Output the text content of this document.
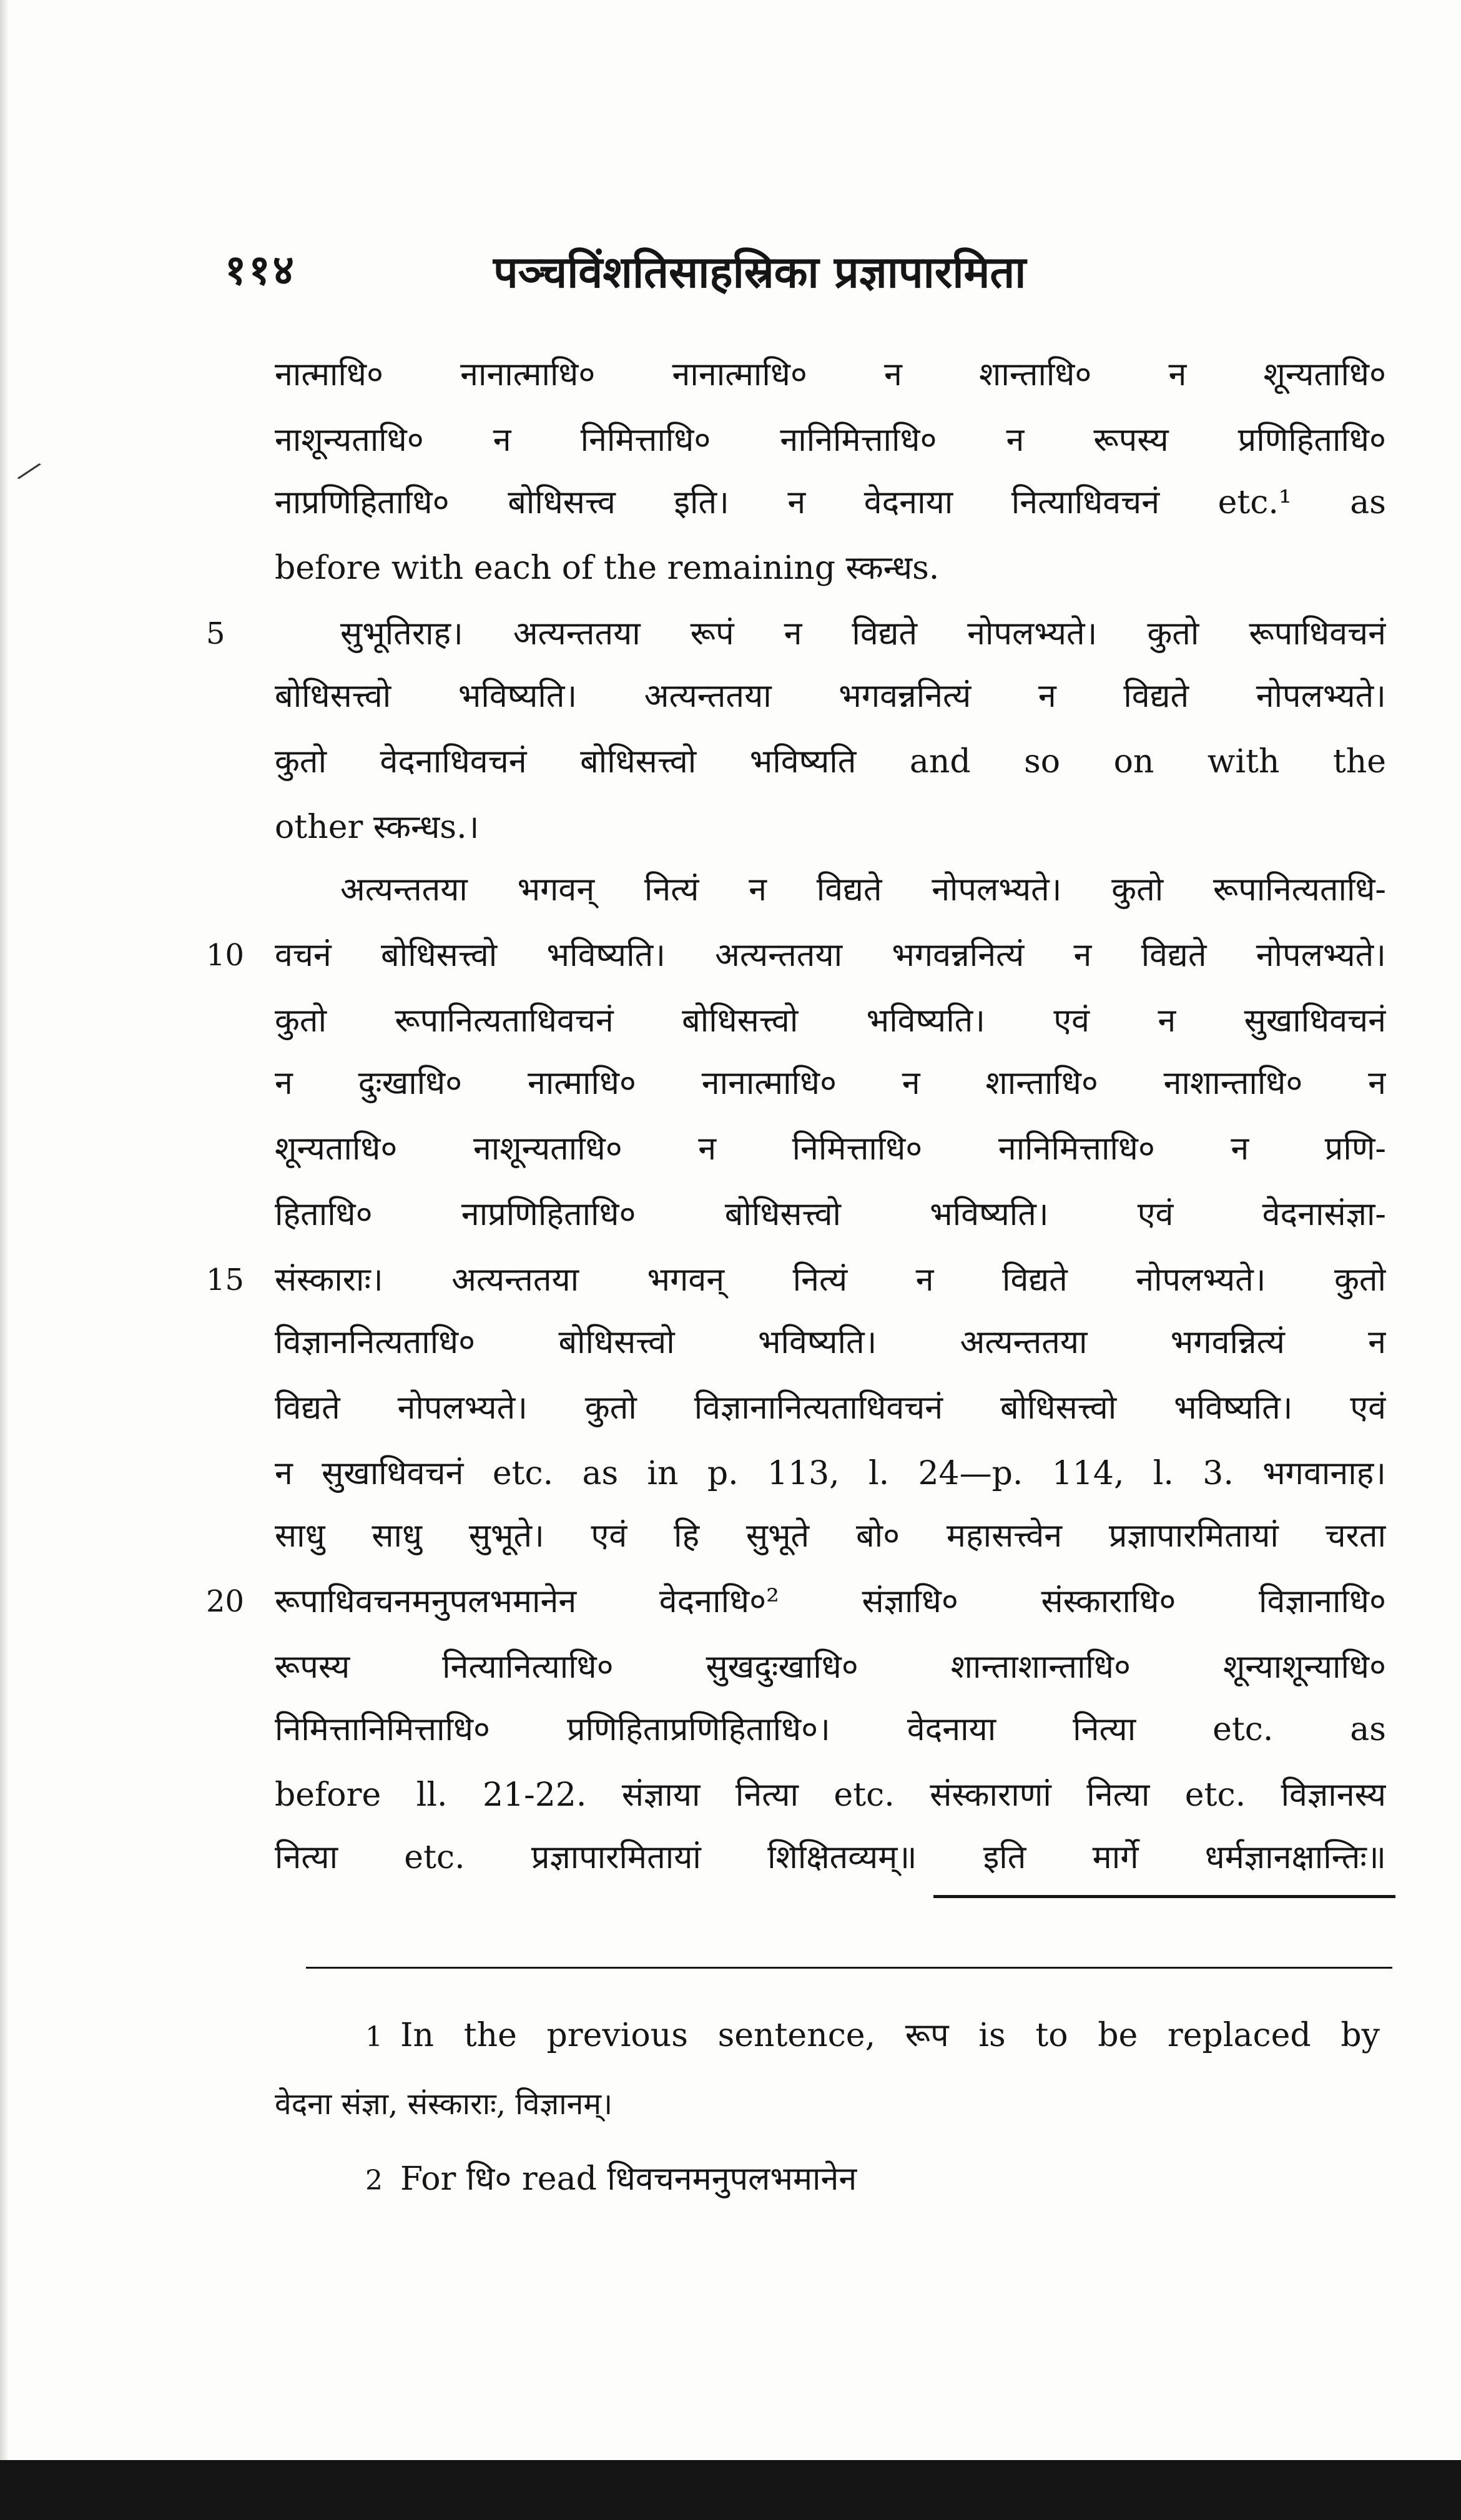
११४	पञ्चविंशतिसाहस्रिका प्रज्ञापारमिता
⁄
नात्माधि० नानात्माधि० नानात्माधि० न शान्ताधि० न शून्यताधि०
नाशून्यताधि० न निमित्ताधि० नानिमित्ताधि० न रूपस्य प्रणिहिताधि०
नाप्रणिहिताधि० बोधिसत्त्व इति। न वेदनाया नित्याधिवचनं etc.¹ as
before with each of the remaining स्कन्धs.
5	सुभूतिराह। अत्यन्ततया रूपं न विद्यते नोपलभ्यते। कुतो रूपाधिवचनं
बोधिसत्त्वो भविष्यति। अत्यन्ततया भगवन्ननित्यं न विद्यते नोपलभ्यते।
कुतो वेदनाधिवचनं बोधिसत्त्वो भविष्यति and so on with the
other स्कन्धs.।
अत्यन्ततया भगवन् नित्यं न विद्यते नोपलभ्यते। कुतो रूपानित्यताधि-
10 वचनं बोधिसत्त्वो भविष्यति। अत्यन्ततया भगवन्ननित्यं न विद्यते नोपलभ्यते।
कुतो रूपानित्यताधिवचनं बोधिसत्त्वो भविष्यति। एवं न सुखाधिवचनं
न दुःखाधि० नात्माधि० नानात्माधि० न शान्ताधि० नाशान्ताधि० न
शून्यताधि० नाशून्यताधि० न निमित्ताधि० नानिमित्ताधि० न प्रणि-
हिताधि० नाप्रणिहिताधि० बोधिसत्त्वो भविष्यति। एवं वेदनासंज्ञा-
15 संस्काराः। अत्यन्ततया भगवन् नित्यं न विद्यते नोपलभ्यते। कुतो
विज्ञाननित्यताधि० बोधिसत्त्वो भविष्यति। अत्यन्ततया भगवन्नित्यं न
विद्यते नोपलभ्यते। कुतो विज्ञानानित्यताधिवचनं बोधिसत्त्वो भविष्यति। एवं
न सुखाधिवचनं etc. as in p. 113, l. 24—p. 114, l. 3. भगवानाह।
साधु साधु सुभूते। एवं हि सुभूते बो० महासत्त्वेन प्रज्ञापारमितायां चरता
20 रूपाधिवचनमनुपलभमानेन वेदनाधि०² संज्ञाधि० संस्काराधि० विज्ञानाधि०
रूपस्य नित्यानित्याधि० सुखदुःखाधि० शान्ताशान्ताधि० शून्याशून्याधि०
निमित्तानिमित्ताधि० प्रणिहिताप्रणिहिताधि०। वेदनाया नित्या etc. as
before ll. 21-22. संज्ञाया नित्या etc. संस्काराणां नित्या etc. विज्ञानस्य
नित्या etc. प्रज्ञापारमितायां शिक्षितव्यम्॥ इति मार्गे धर्मज्ञानक्षान्तिः॥
1 In the previous sentence, रूप is to be replaced by
वेदना संज्ञा, संस्काराः, विज्ञानम्।
2 For धि० read धिवचनमनुपलभमानेन
